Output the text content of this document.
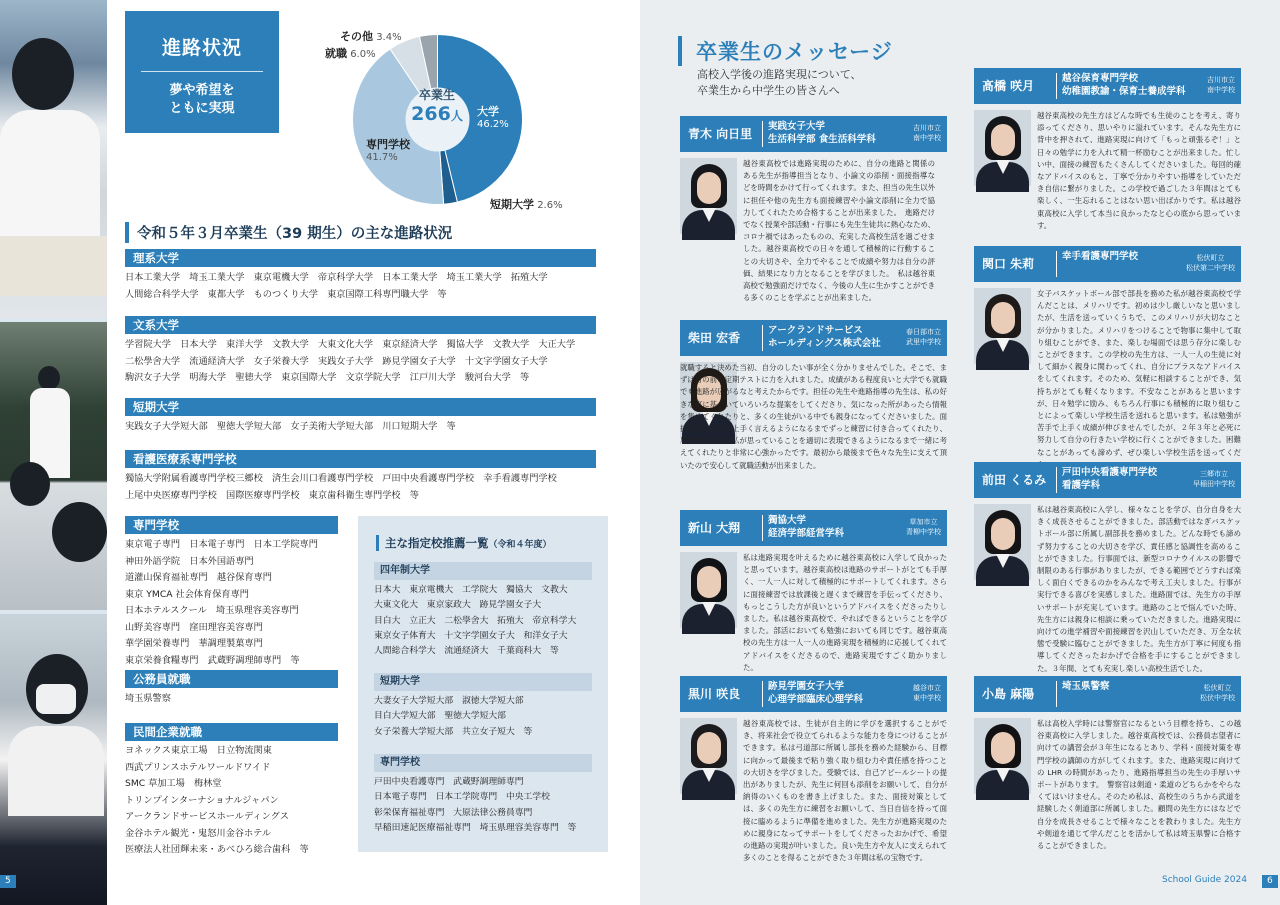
5
進路状況
夢や希望を
ともに実現
卒業生
266人	大学
46.2%
短期大学 2.6%
専門学校
41.7%
就職 6.0%
その他 3.4%
令和５年３月卒業生（39 期生）の主な進路状況
理系大学
日本工業大学　埼玉工業大学　東京電機大学　帝京科学大学　日本工業大学　埼玉工業大学　拓殖大学
人間総合科学大学　東都大学　ものつくり大学　東京国際工科専門職大学　等
文系大学
学習院大学　日本大学　東洋大学　文教大学　大東文化大学　東京経済大学　獨協大学　文教大学　大正大学
二松學舍大学　流通経済大学　女子栄養大学　実践女子大学　跡見学園女子大学　十文字学園女子大学
駒沢女子大学　明海大学　聖徳大学　東京国際大学　文京学院大学　江戸川大学　駿河台大学　等
短期大学
実践女子大学短大部　聖徳大学短大部　女子美術大学短大部　川口短期大学　等
看護医療系専門学校
獨協大学附属看護専門学校三郷校　済生会川口看護専門学校　戸田中央看護専門学校　幸手看護専門学校
上尾中央医療専門学校　国際医療専門学校　東京歯科衛生専門学校　等
専門学校
東京電子専門　日本電子専門　日本工学院専門
神田外語学院　日本外国語専門
道灌山保育福祉専門　越谷保育専門
東京 YMCA 社会体育保育専門
日本ホテルスクール　埼玉県理容美容専門
山野美容専門　窪田理容美容専門
華学園栄養専門　華調理製菓専門
東京栄養食糧専門　武蔵野調理師専門　等
公務員就職
埼玉県警察
民間企業就職
ヨネックス東京工場　日立物流関東
西武プリンスホテルワールドワイド
SMC 草加工場　梅林堂
トリンプインターナショナルジャパン
アークランドサービスホールディングス
金谷ホテル観光・鬼怒川金谷ホテル
医療法人社団輝未来・あべひろ総合歯科　等
主な指定校推薦一覧（令和４年度）
四年制大学
日本大　東京電機大　工学院大　獨協大　文教大
大東文化大　東京家政大　跡見学園女子大
目白大　立正大　二松學舍大　拓殖大　帝京科学大
東京女子体育大　十文字学園女子大　和洋女子大
人間総合科学大　流通経済大　千葉商科大　等
短期大学
大妻女子大学短大部　淑徳大学短大部
目白大学短大部　聖徳大学短大部
女子栄養大学短大部　共立女子短大　等
専門学校
戸田中央看護専門　武蔵野調理師専門
日本電子専門　日本工学院専門　中央工学校
彰栄保育福祉専門　大原法律公務員専門
早稲田速記医療福祉専門　埼玉県理容美容専門　等
卒業生のメッセージ
高校入学後の進路実現について、
卒業生から中学生の皆さんへ
青木 向日里
実践女子大学
生活科学部 食生活科学科
吉川市立
南中学校
越谷東高校では進路実現のために、自分の進路と関係のある先生が指導担当となり、小論文の添削・面接指導などを時間をかけて行ってくれます。また、担当の先生以外に担任や他の先生方も面接練習や小論文添削に全力で協力してくれたため合格することが出来ました。　進路だけでなく授業や部活動・行事にも先生生徒共に熱心なため、コロナ禍ではあったものの、充実した高校生活を過ごせました。越谷東高校での日々を通して積極的に行動することの大切さや、全力でやることで成績や努力は自分の評価、結果になり力となることを学びました。　私は越谷東高校で勉強面だけでなく、今後の人生に生かすことができる多くのことを学ぶことが出来ました。
柴田 宏香
アークランドサービス
ホールディングス株式会社
春日部市立
武里中学校
就職すると決めた当初、自分のしたい事が全く分かりませんでした。そこで、まずは目の前の定期テストに力を入れました。成績がある程度良いと大学でも就職でも進路が広がるなと考えたからです。担任の先生や進路指導の先生は、私の好きな事に基づいていろいろな提案をしてくださり、気になった所があったら情報を集めてくれたりと、多くの生徒がいる中でも親身になってくださいました。面接練習でも私が上手く言えるようになるまでずっと練習に付き合ってくれたり、履歴書の文章も私が思っていることを適切に表現できるようになるまで一緒に考えてくれたりと非常に心強かったです。最初から最後まで色々な先生に支えて頂いたので安心して就職活動が出来ました。
新山 大翔
獨協大学
経済学部経営学科
草加市立
青柳中学校
私は進路実現を叶えるために越谷東高校に入学して良かったと思っています。越谷東高校は進路のサポートがとても手厚く、一人一人に対して積極的にサポートしてくれます。さらに面接練習では放課後と遅くまで練習を手伝ってくださり、もっとこうした方が良いというアドバイスをくださったりしました。私は越谷東高校で、やればできるということを学びました。部活においても勉強においても同じです。越谷東高校の先生方は一人一人の進路実現を積極的に応援してくれてアドバイスをくださるので、進路実現ですごく助かりました。
黒川 咲良
跡見学園女子大学
心理学部臨床心理学科
越谷市立
東中学校
越谷東高校では、生徒が自主的に学びを選択することができ、将来社会で役立てられるような能力を身につけることができます。私は弓道部に所属し部長を務めた経験から、目標に向かって最後まで粘り強く取り組む力や責任感を持つことの大切さを学びました。受験では、自己アピールシートの提出がありましたが、先生に何回も添削をお願いして、自分が納得のいくものを書き上げました。また、面接対策としては、多くの先生方に練習をお願いして、当日自信を持って面接に臨めるように準備を進めました。先生方が進路実現のために親身になってサポートをしてくださったおかげで、希望の進路の実現が叶いました。良い先生方や友人に支えられて多くのことを得ることができた３年間は私の宝物です。
髙橋 咲月
越谷保育専門学校
幼稚園教諭・保育士養成学科
吉川市立
南中学校
越谷東高校の先生方はどんな時でも生徒のことを考え、寄り添ってくださり、思いやりに溢れています。そんな先生方に背中を押されて、進路実現に向けて「もっと頑張るぞ！」と日々の勉学に力を入れて精一杯励むことが出来ました。忙しい中、面接の練習もたくさんしてくださいました。毎回的確なアドバイスのもと、丁寧で分かりやすい指導をしていただき自信に繋がりました。この学校で過ごした３年間はとても楽しく、一生忘れることはない思い出ばかりです。私は越谷東高校に入学して本当に良かったなと心の底から思っています。
関口 朱莉
幸手看護専門学校	松伏町立
松伏第二中学校
女子バスケットボール部で部長を務めた私が越谷東高校で学んだことは、メリハリです。初めは少し厳しいなと思いましたが、生活を送っていくうちで、このメリハリが大切なことが分かりました。メリハリをつけることで物事に集中して取り組むことができ、また、楽しむ場面では思う存分に楽しむことができます。この学校の先生方は、一人一人の生徒に対して細かく親身に関わってくれ、自分にプラスなアドバイスをしてくれます。そのため、気軽に相談することができ、気持ちがとても軽くなります。不安なことがあると思いますが、日々勉学に励み、もちろん行事にも積極的に取り組むことによって楽しい学校生活を送れると思います。私は勉強が苦手で上手く成績が伸びませんでしたが、２年３年と必死に努力して自分の行きたい学校に行くことができました。困難なことがあっても諦めず、ぜひ楽しい学校生活を送ってくだ
前田 くるみ
戸田中央看護専門学校
看護学科
三郷市立
早稲田中学校
私は越谷東高校に入学し、様々なことを学び、自分自身を大きく成長させることができました。部活動ではなぎバスケットボール部に所属し副部長を務めました。どんな時でも諦めず努力することの大切さを学び、責任感と協調性を高めることができました。行事面では、新型コロナウイルスの影響で制限のある行事がありましたが、できる範囲でどうすれば楽しく面白くできるのかをみんなで考え工夫しました。行事が実行できる喜びを実感しました。進路面では、先生方の手厚いサポートが充実しています。進路のことで悩んでいた時、先生方には親身に相談に乗っていただきました。進路実現に向けての進学補習や面接練習を沢山していただき、万全な状態で受験に臨むことができました。先生方が丁寧に何度も指導してくださったおかげで合格を手にすることができました。３年間、とても充実し楽しい高校生活でした。
小島 麻陽
埼玉県警察	松伏町立
松伏中学校
私は高校入学時には警察官になるという目標を持ち、この越谷東高校に入学しました。越谷東高校では、公務員志望者に向けての講習会が３年生になるとあり、学科・面接対策を専門学校の講師の方がしてくれます。また、進路実現に向けての LHR の時間があったり、進路指導担当の先生の手厚いサポートがあります。　警察官は剣道・柔道のどちらかをやらなくてはいけません。そのため私は、高校生のうちから武道を経験したく剣道部に所属しました。顧問の先生方にはなどで自分を成長させることで様々なことを教わりました。先生方や剣道を通じて学んだことを活かして私は埼玉県警に合格することができました。
School Guide 2024	6
